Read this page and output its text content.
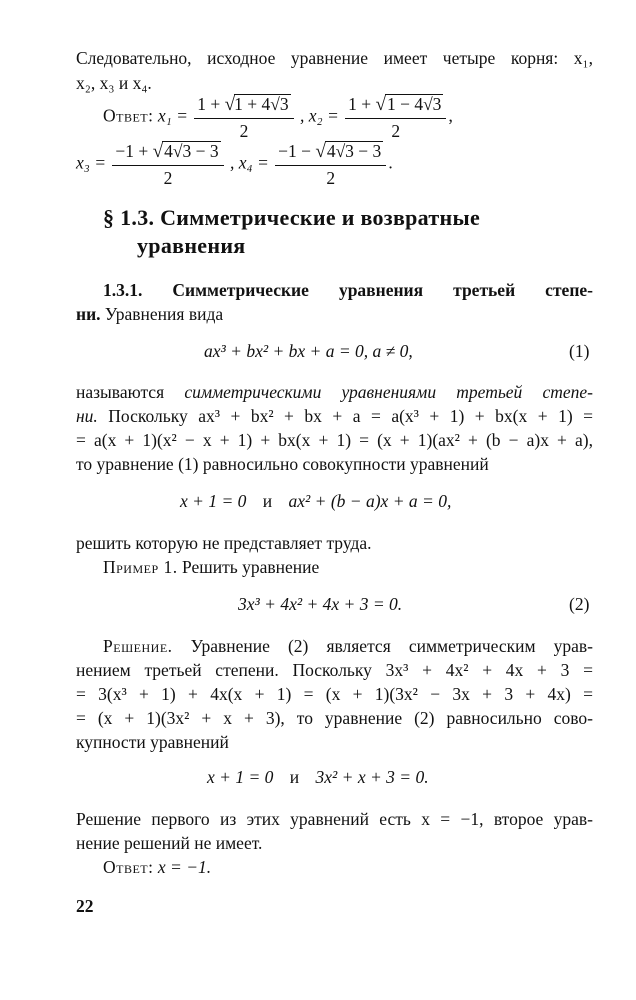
Следовательно, исходное уравнение имеет четыре корня: x₁,
x₂, x₃ и x₄.
Ответ: $x_1 = \frac{1 + √1 + 4√3}{2}$ , $x_2 = \frac{1 + √1 - 4√3}{2}$ ,
$x_3 = \frac{-1 + √4√3 - 3}{2}$ , $x_4 = \frac{-1 - √4√3 - 3}{2}$ .
§ 1.3. Симметрические и возвратные
уравнения
1.3.1. Симметрические уравнения третьей степе-
ни. Уравнения вида
ax³ + bx² + bx + a = 0, a ≠ 0,	(1)
называются симметрическими уравнениями третьей степе-
ни. Поскольку ax³ + bx² + bx + a = a(x³ + 1) + bx(x + 1) =
= a(x + 1)(x² − x + 1) + bx(x + 1) = (x + 1)(ax² + (b − a)x + a),
то уравнение (1) равносильно совокупности уравнений
x + 1 = 0 и ax² + (b − a)x + a = 0,
решить которую не представляет труда.
Пример 1. Решить уравнение
3x³ + 4x² + 4x + 3 = 0.	(2)
Решение. Уравнение (2) является симметрическим урав-
нением третьей степени. Поскольку 3x³ + 4x² + 4x + 3 =
= 3(x³ + 1) + 4x(x + 1) = (x + 1)(3x² − 3x + 3 + 4x) =
= (x + 1)(3x² + x + 3), то уравнение (2) равносильно сово-
купности уравнений
x + 1 = 0 и 3x² + x + 3 = 0.
Решение первого из этих уравнений есть x = −1, второе урав-
нение решений не имеет.
Ответ: x = −1.
22
